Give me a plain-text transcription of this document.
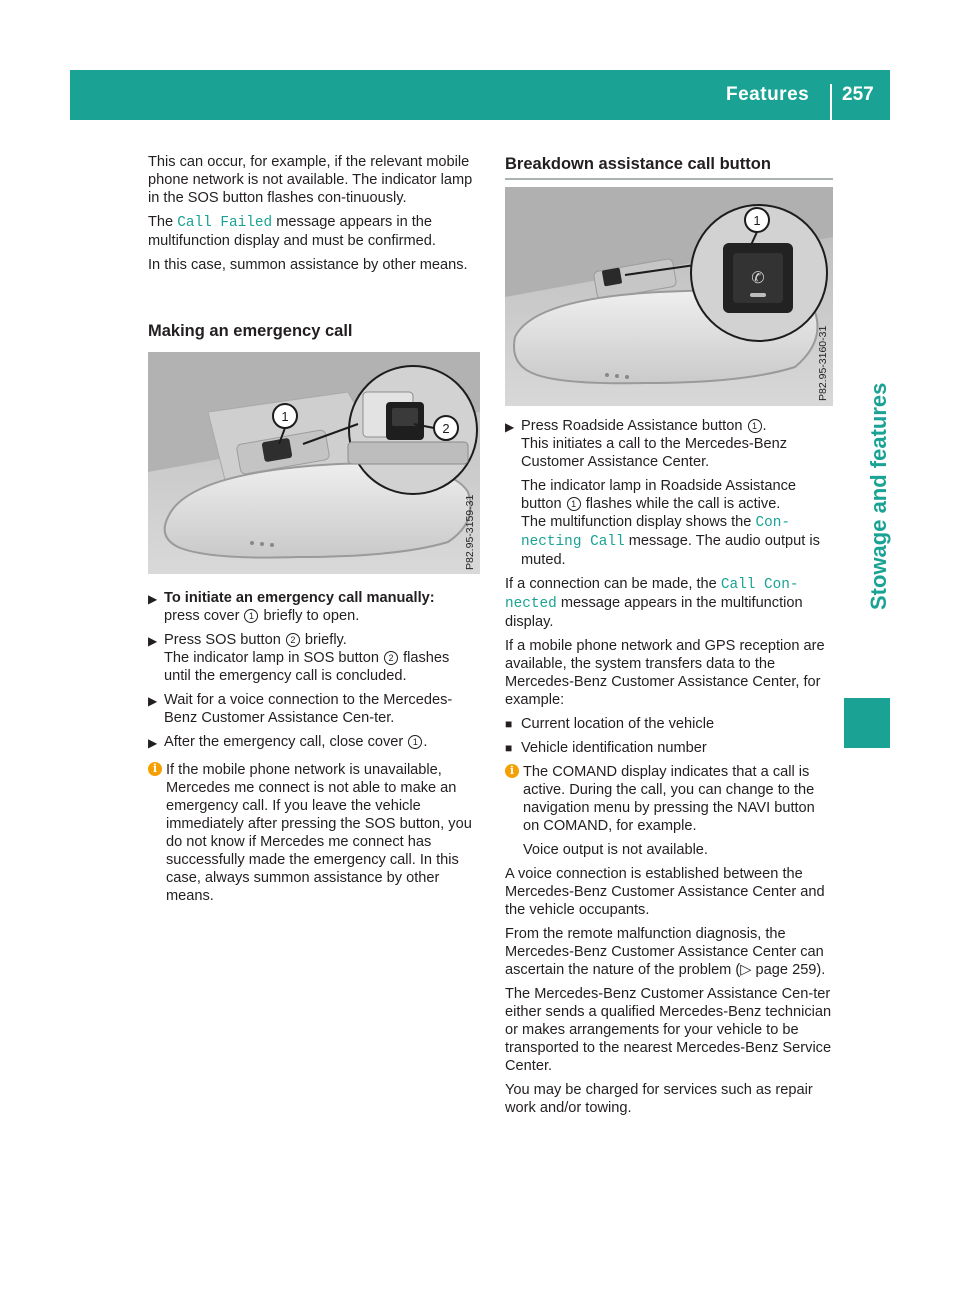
Features 257
Stowage and features

This can occur, for example, if the relevant mobile phone network is not available. The indicator lamp in the SOS button flashes con-tinuously.

The Call Failed message appears in the multifunction display and must be confirmed.

In this case, summon assistance by other means.

Making an emergency call

1
2
P82.95-3159-31
▶ To initiate an emergency call manually:
press cover 1 briefly to open.
▶ Press SOS button 2 briefly.
The indicator lamp in SOS button 2 flashes until the emergency call is concluded.
▶ Wait for a voice connection to the Mercedes-Benz Customer Assistance Cen-ter.
▶ After the emergency call, close cover 1 .
i If the mobile phone network is unavailable, Mercedes me connect is not able to make an emergency call. If you leave the vehicle immediately after pressing the SOS button, you do not know if Mercedes me connect has successfully made the emergency call. In this case, always summon assistance by other means.

Breakdown assistance call button

✆
1
P82.95-3160-31
▶ Press Roadside Assistance button 1 .
This initiates a call to the Mercedes-Benz Customer Assistance Center.

The indicator lamp in Roadside Assistance button 1 flashes while the call is active.
The multifunction display shows the Con-necting Call message. The audio output is muted.

If a connection can be made, the Call Con-nected message appears in the multifunction display.

If a mobile phone network and GPS reception are available, the system transfers data to the Mercedes-Benz Customer Assistance Center, for example:

■ Current location of the vehicle
■ Vehicle identification number
i The COMAND display indicates that a call is active. During the call, you can change to the navigation menu by pressing the NAVI button on COMAND, for example.

Voice output is not available.

A voice connection is established between the Mercedes-Benz Customer Assistance Center and the vehicle occupants.

From the remote malfunction diagnosis, the Mercedes-Benz Customer Assistance Center can ascertain the nature of the problem (▷ page 259).

The Mercedes-Benz Customer Assistance Cen-ter either sends a qualified Mercedes-Benz technician or makes arrangements for your vehicle to be transported to the nearest Mercedes-Benz Service Center.

You may be charged for services such as repair work and/or towing.
